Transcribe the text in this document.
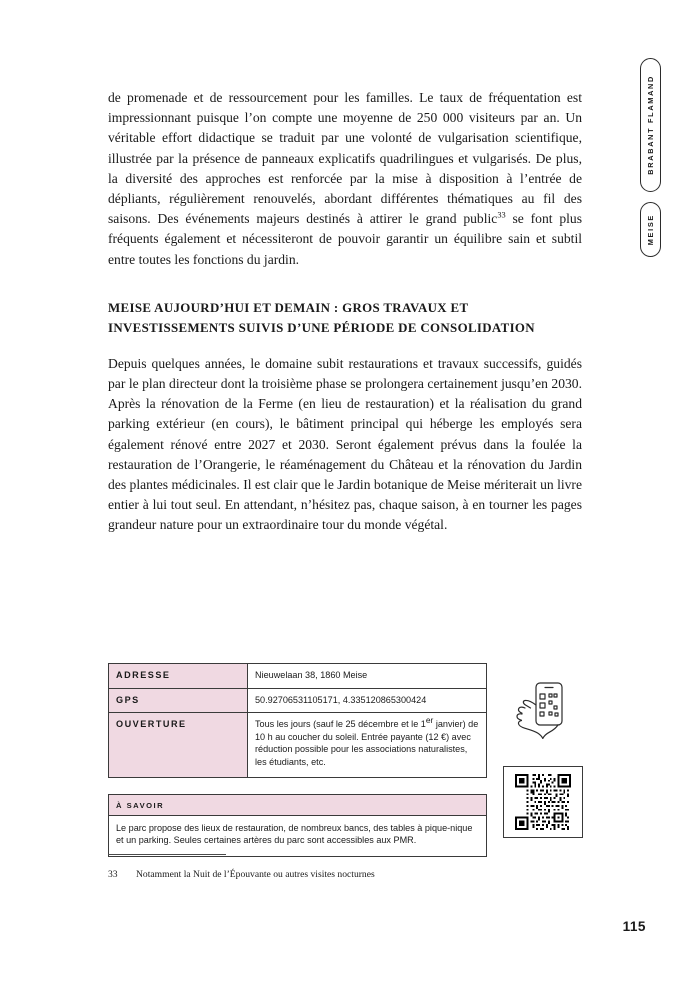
BRABANT FLAMAND
MEISE

de promenade et de ressourcement pour les familles. Le taux de fréquentation est impressionnant puisque l’on compte une moyenne de 250 000 visiteurs par an. Un véritable effort didactique se traduit par une volonté de vulgarisation scientifique, illustrée par la présence de panneaux explicatifs quadrilingues et vulgarisés. De plus, la diversité des approches est renforcée par la mise à disposition à l’entrée de dépliants, régulièrement renouvelés, abordant différentes thématiques au fil des saisons. Des événements majeurs destinés à attirer le grand public$^{33}$ se font plus fréquents également et nécessiteront de pouvoir garantir un équilibre sain et subtil entre toutes les fonctions du jardin.

MEISE AUJOURD’HUI ET DEMAIN : GROS TRAVAUX ET INVESTISSEMENTS SUIVIS D’UNE PÉRIODE DE CONSOLIDATION

Depuis quelques années, le domaine subit restaurations et travaux successifs, guidés par le plan directeur dont la troisième phase se prolongera certainement jusqu’en 2030. Après la rénovation de la Ferme (en lieu de restauration) et la réalisation du grand parking extérieur (en cours), le bâtiment principal qui héberge les employés sera également rénové entre 2027 et 2030. Seront également prévus dans la foulée la restauration de l’Orangerie, le réaménagement du Château et la rénovation du Jardin des plantes médicinales. Il est clair que le Jardin botanique de Meise mériterait un livre entier à lui tout seul. En attendant, n’hésitez pas, chaque saison, à en tourner les pages grandeur nature pour un extraordinaire tour du monde végétal.

ADRESSE	Nieuwelaan 38, 1860 Meise
GPS	50.92706531105171, 4.335120865300424
OUVERTURE	Tous les jours (sauf le 25 décembre et le 1er janvier) de 10 h au coucher du soleil. Entrée payante (12 €) avec réduction possible pour les associations naturalistes, les étudiants, etc.
À SAVOIR
Le parc propose des lieux de restauration, de nombreux bancs, des tables à pique-nique et un parking. Seules certaines artères du parc sont accessibles aux PMR.
33 Notamment la Nuit de l’Épouvante ou autres visites nocturnes
115
